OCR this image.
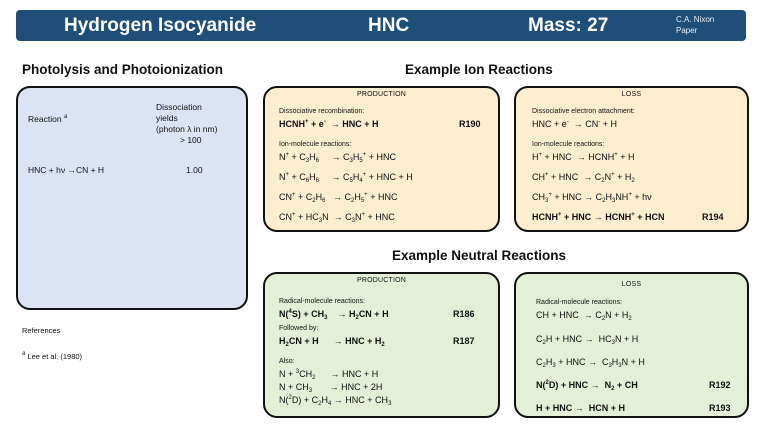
Hydrogen Isocyanide	HNC	Mass: 27	C.A. Nixon
Paper
Photolysis and Photoionization
Reaction $^a$
Dissociation
yields
(photon λ in nm)
> 100
HNC + hν →CN + H	1.00
References
$^a$ Lee et al. (1980)
Example Ion Reactions
PRODUCTION
Dissociative recombination:
HCNH+ + e-  → HNC + H	R190
Ion-molecule reactions:
$N^+ + C_3H_6$     → $C_3H_5^+$ + HNC
$N^+ + C_6H_6$     → $C_5H_4^+$ + HNC + H
$CN^+ + C_2H_6 \to C_2H_5^+$ + HNC
$CN^+ + HC_3N \to C_3N^+$ + HNC
LOSS
Dissociative electron attachment:
HNC + e-  → CN- + H
Ion-molecule reactions:
H+ + HNC  → HCNH+ + H
CH+ + HNC  → $C_2N^+ + H_2$
$CH_3^+$ + HNC → $C_2H_3NH^+ + h\nu$
HCNH+ + HNC → HCNH+ + HCN	R194
Example Neutral Reactions
PRODUCTION
Radical-molecule reactions:
$N(^4S) + CH_3$    → $H_2CN + H$	R186
Followed by:
$H_2CN + H$      → HNC + $H_2$	R187
Also:
$N + ^3CH_2$      → HNC + H
$N + CH_3$       → HNC + 2H
$N(^2D) + C_2H_4$ → HNC + $CH_3$
LOSS
Radical-molecule reactions:
CH + HNC  → $C_2N + H_2$
$C_2H$ + HNC →  $HC_3N + H$
$C_2H_3$ + HNC →  $C_3H_3N + H$
N($^2$D) + HNC →  $N_2$ + CH	R192
H + HNC →  HCN + H	R193
